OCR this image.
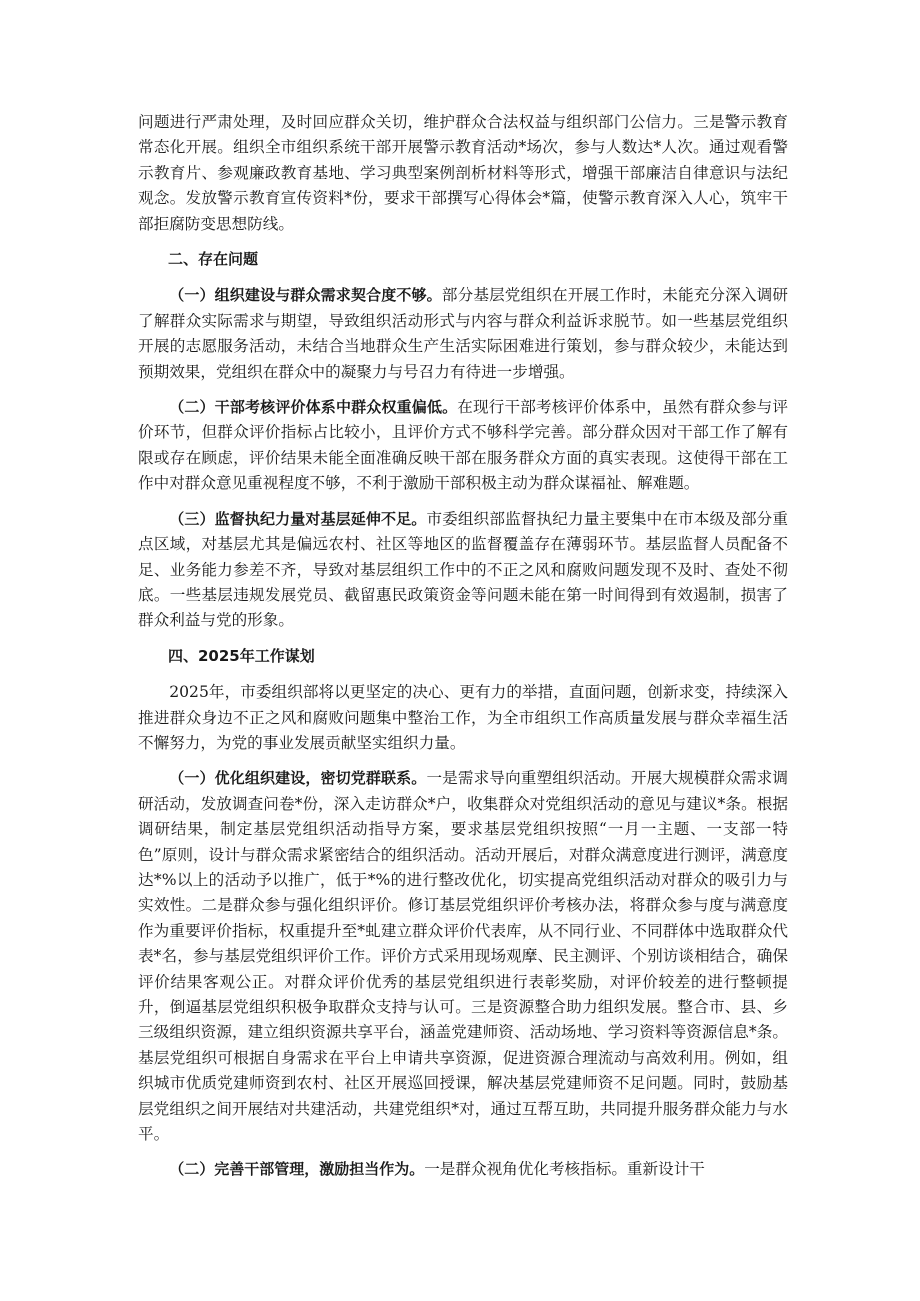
问题进行严肃处理，及时回应群众关切，维护群众合法权益与组织部门公信力。三是警示教育常态化开展。组织全市组织系统干部开展警示教育活动*场次，参与人数达*人次。通过观看警示教育片、参观廉政教育基地、学习典型案例剖析材料等形式，增强干部廉洁自律意识与法纪观念。发放警示教育宣传资料*份，要求干部撰写心得体会*篇，使警示教育深入人心，筑牢干部拒腐防变思想防线。

二、存在问题

（一）组织建设与群众需求契合度不够。部分基层党组织在开展工作时，未能充分深入调研了解群众实际需求与期望，导致组织活动形式与内容与群众利益诉求脱节。如一些基层党组织开展的志愿服务活动，未结合当地群众生产生活实际困难进行策划，参与群众较少，未能达到预期效果，党组织在群众中的凝聚力与号召力有待进一步增强。

（二）干部考核评价体系中群众权重偏低。在现行干部考核评价体系中，虽然有群众参与评价环节，但群众评价指标占比较小，且评价方式不够科学完善。部分群众因对干部工作了解有限或存在顾虑，评价结果未能全面准确反映干部在服务群众方面的真实表现。这使得干部在工作中对群众意见重视程度不够，不利于激励干部积极主动为群众谋福祉、解难题。

（三）监督执纪力量对基层延伸不足。市委组织部监督执纪力量主要集中在市本级及部分重点区域，对基层尤其是偏远农村、社区等地区的监督覆盖存在薄弱环节。基层监督人员配备不足、业务能力参差不齐，导致对基层组织工作中的不正之风和腐败问题发现不及时、查处不彻底。一些基层违规发展党员、截留惠民政策资金等问题未能在第一时间得到有效遏制，损害了群众利益与党的形象。

四、2025年工作谋划

2025年，市委组织部将以更坚定的决心、更有力的举措，直面问题，创新求变，持续深入推进群众身边不正之风和腐败问题集中整治工作，为全市组织工作高质量发展与群众幸福生活不懈努力，为党的事业发展贡献坚实组织力量。

（一）优化组织建设，密切党群联系。一是需求导向重塑组织活动。开展大规模群众需求调研活动，发放调查问卷*份，深入走访群众*户，收集群众对党组织活动的意见与建议*条。根据调研结果，制定基层党组织活动指导方案，要求基层党组织按照“一月一主题、一支部一特色”原则，设计与群众需求紧密结合的组织活动。活动开展后，对群众满意度进行测评，满意度达*%以上的活动予以推广，低于*%的进行整改优化，切实提高党组织活动对群众的吸引力与实效性。二是群众参与强化组织评价。修订基层党组织评价考核办法，将群众参与度与满意度作为重要评价指标，权重提升至*虬建立群众评价代表库，从不同行业、不同群体中选取群众代表*名，参与基层党组织评价工作。评价方式采用现场观摩、民主测评、个别访谈相结合，确保评价结果客观公正。对群众评价优秀的基层党组织进行表彰奖励，对评价较差的进行整顿提升，倒逼基层党组织积极争取群众支持与认可。三是资源整合助力组织发展。整合市、县、乡三级组织资源，建立组织资源共享平台，涵盖党建师资、活动场地、学习资料等资源信息*条。基层党组织可根据自身需求在平台上申请共享资源，促进资源合理流动与高效利用。例如，组织城市优质党建师资到农村、社区开展巡回授课，解决基层党建师资不足问题。同时，鼓励基层党组织之间开展结对共建活动，共建党组织*对，通过互帮互助，共同提升服务群众能力与水平。

（二）完善干部管理，激励担当作为。一是群众视角优化考核指标。重新设计干
